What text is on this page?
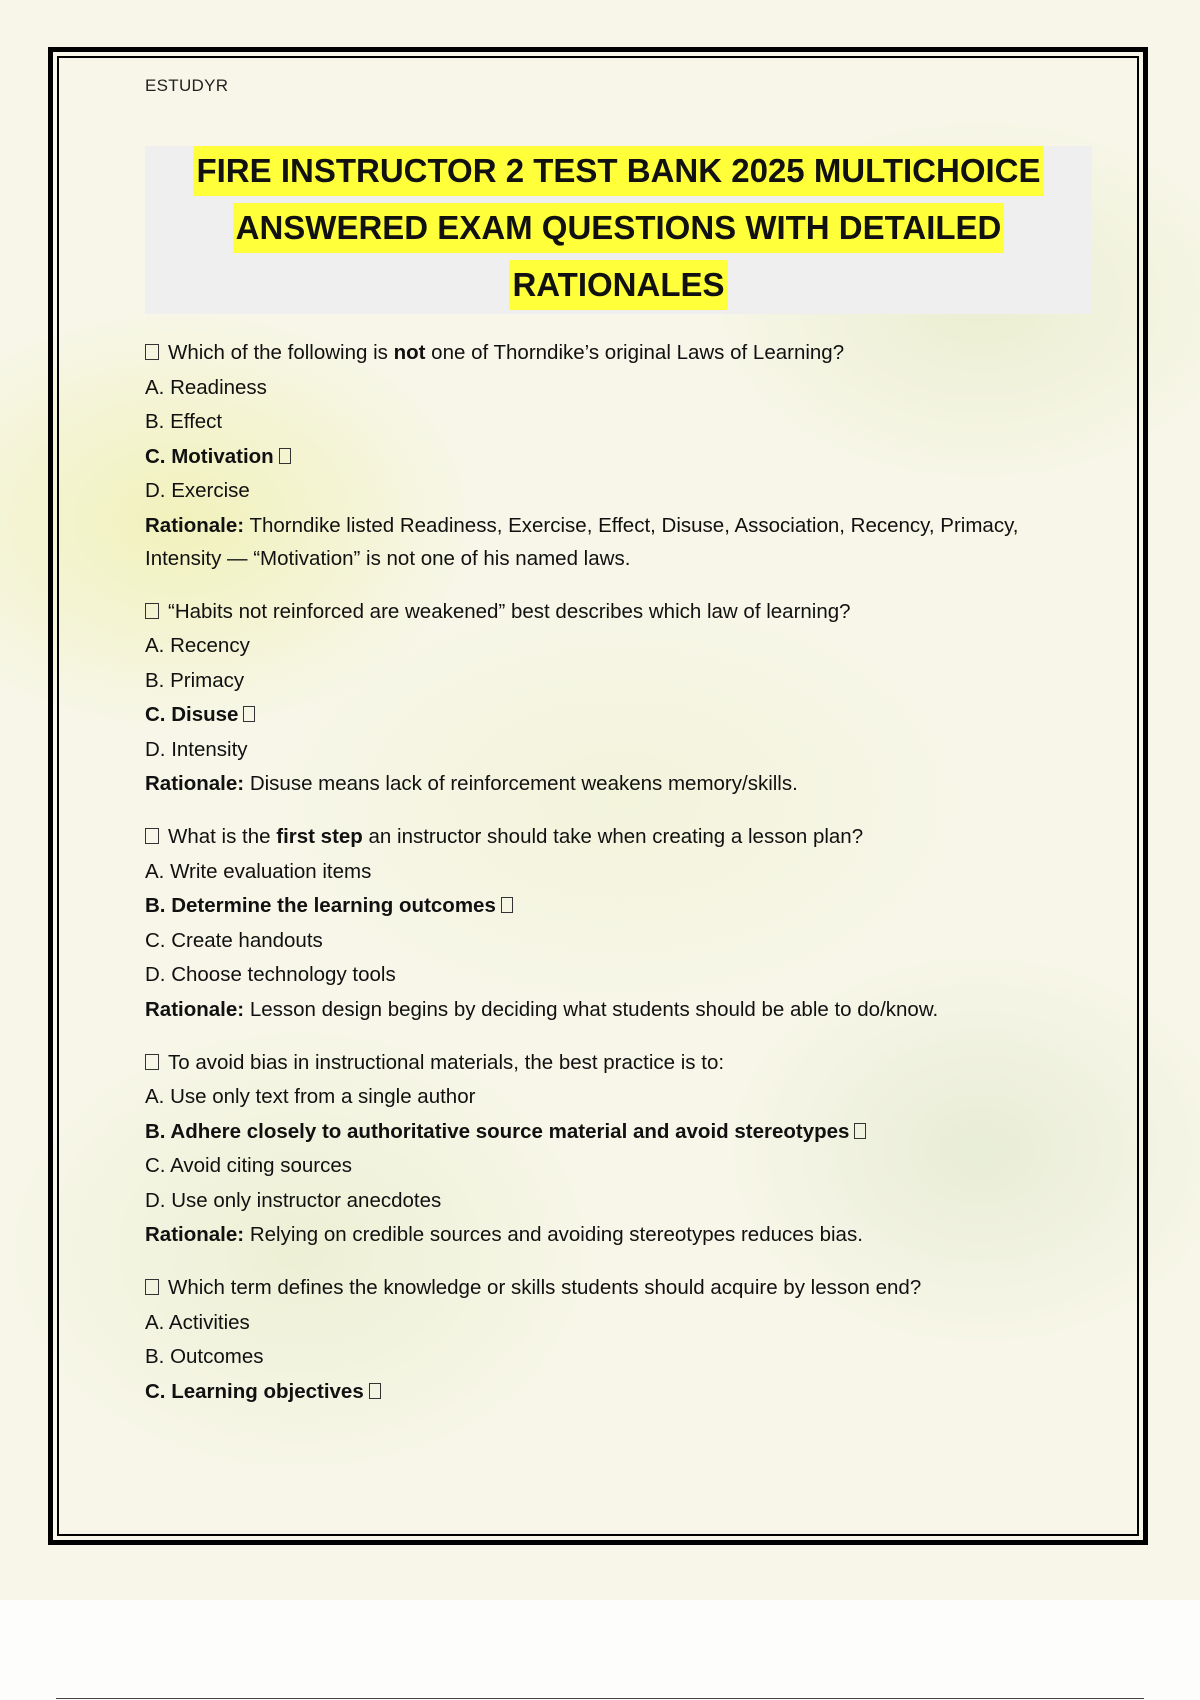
ESTUDYR
FIRE INSTRUCTOR 2 TEST BANK 2025 MULTICHOICE
ANSWERED EXAM QUESTIONS WITH DETAILED
RATIONALES
Which of the following is not one of Thorndike’s original Laws of Learning?
A. Readiness
B. Effect
C. Motivation
D. Exercise
Rationale: Thorndike listed Readiness, Exercise, Effect, Disuse, Association, Recency, Primacy, Intensity — “Motivation” is not one of his named laws.
“Habits not reinforced are weakened” best describes which law of learning?
A. Recency
B. Primacy
C. Disuse
D. Intensity
Rationale: Disuse means lack of reinforcement weakens memory/skills.
What is the first step an instructor should take when creating a lesson plan?
A. Write evaluation items
B. Determine the learning outcomes
C. Create handouts
D. Choose technology tools
Rationale: Lesson design begins by deciding what students should be able to do/know.
To avoid bias in instructional materials, the best practice is to:
A. Use only text from a single author
B. Adhere closely to authoritative source material and avoid stereotypes
C. Avoid citing sources
D. Use only instructor anecdotes
Rationale: Relying on credible sources and avoiding stereotypes reduces bias.
Which term defines the knowledge or skills students should acquire by lesson end?
A. Activities
B. Outcomes
C. Learning objectives
